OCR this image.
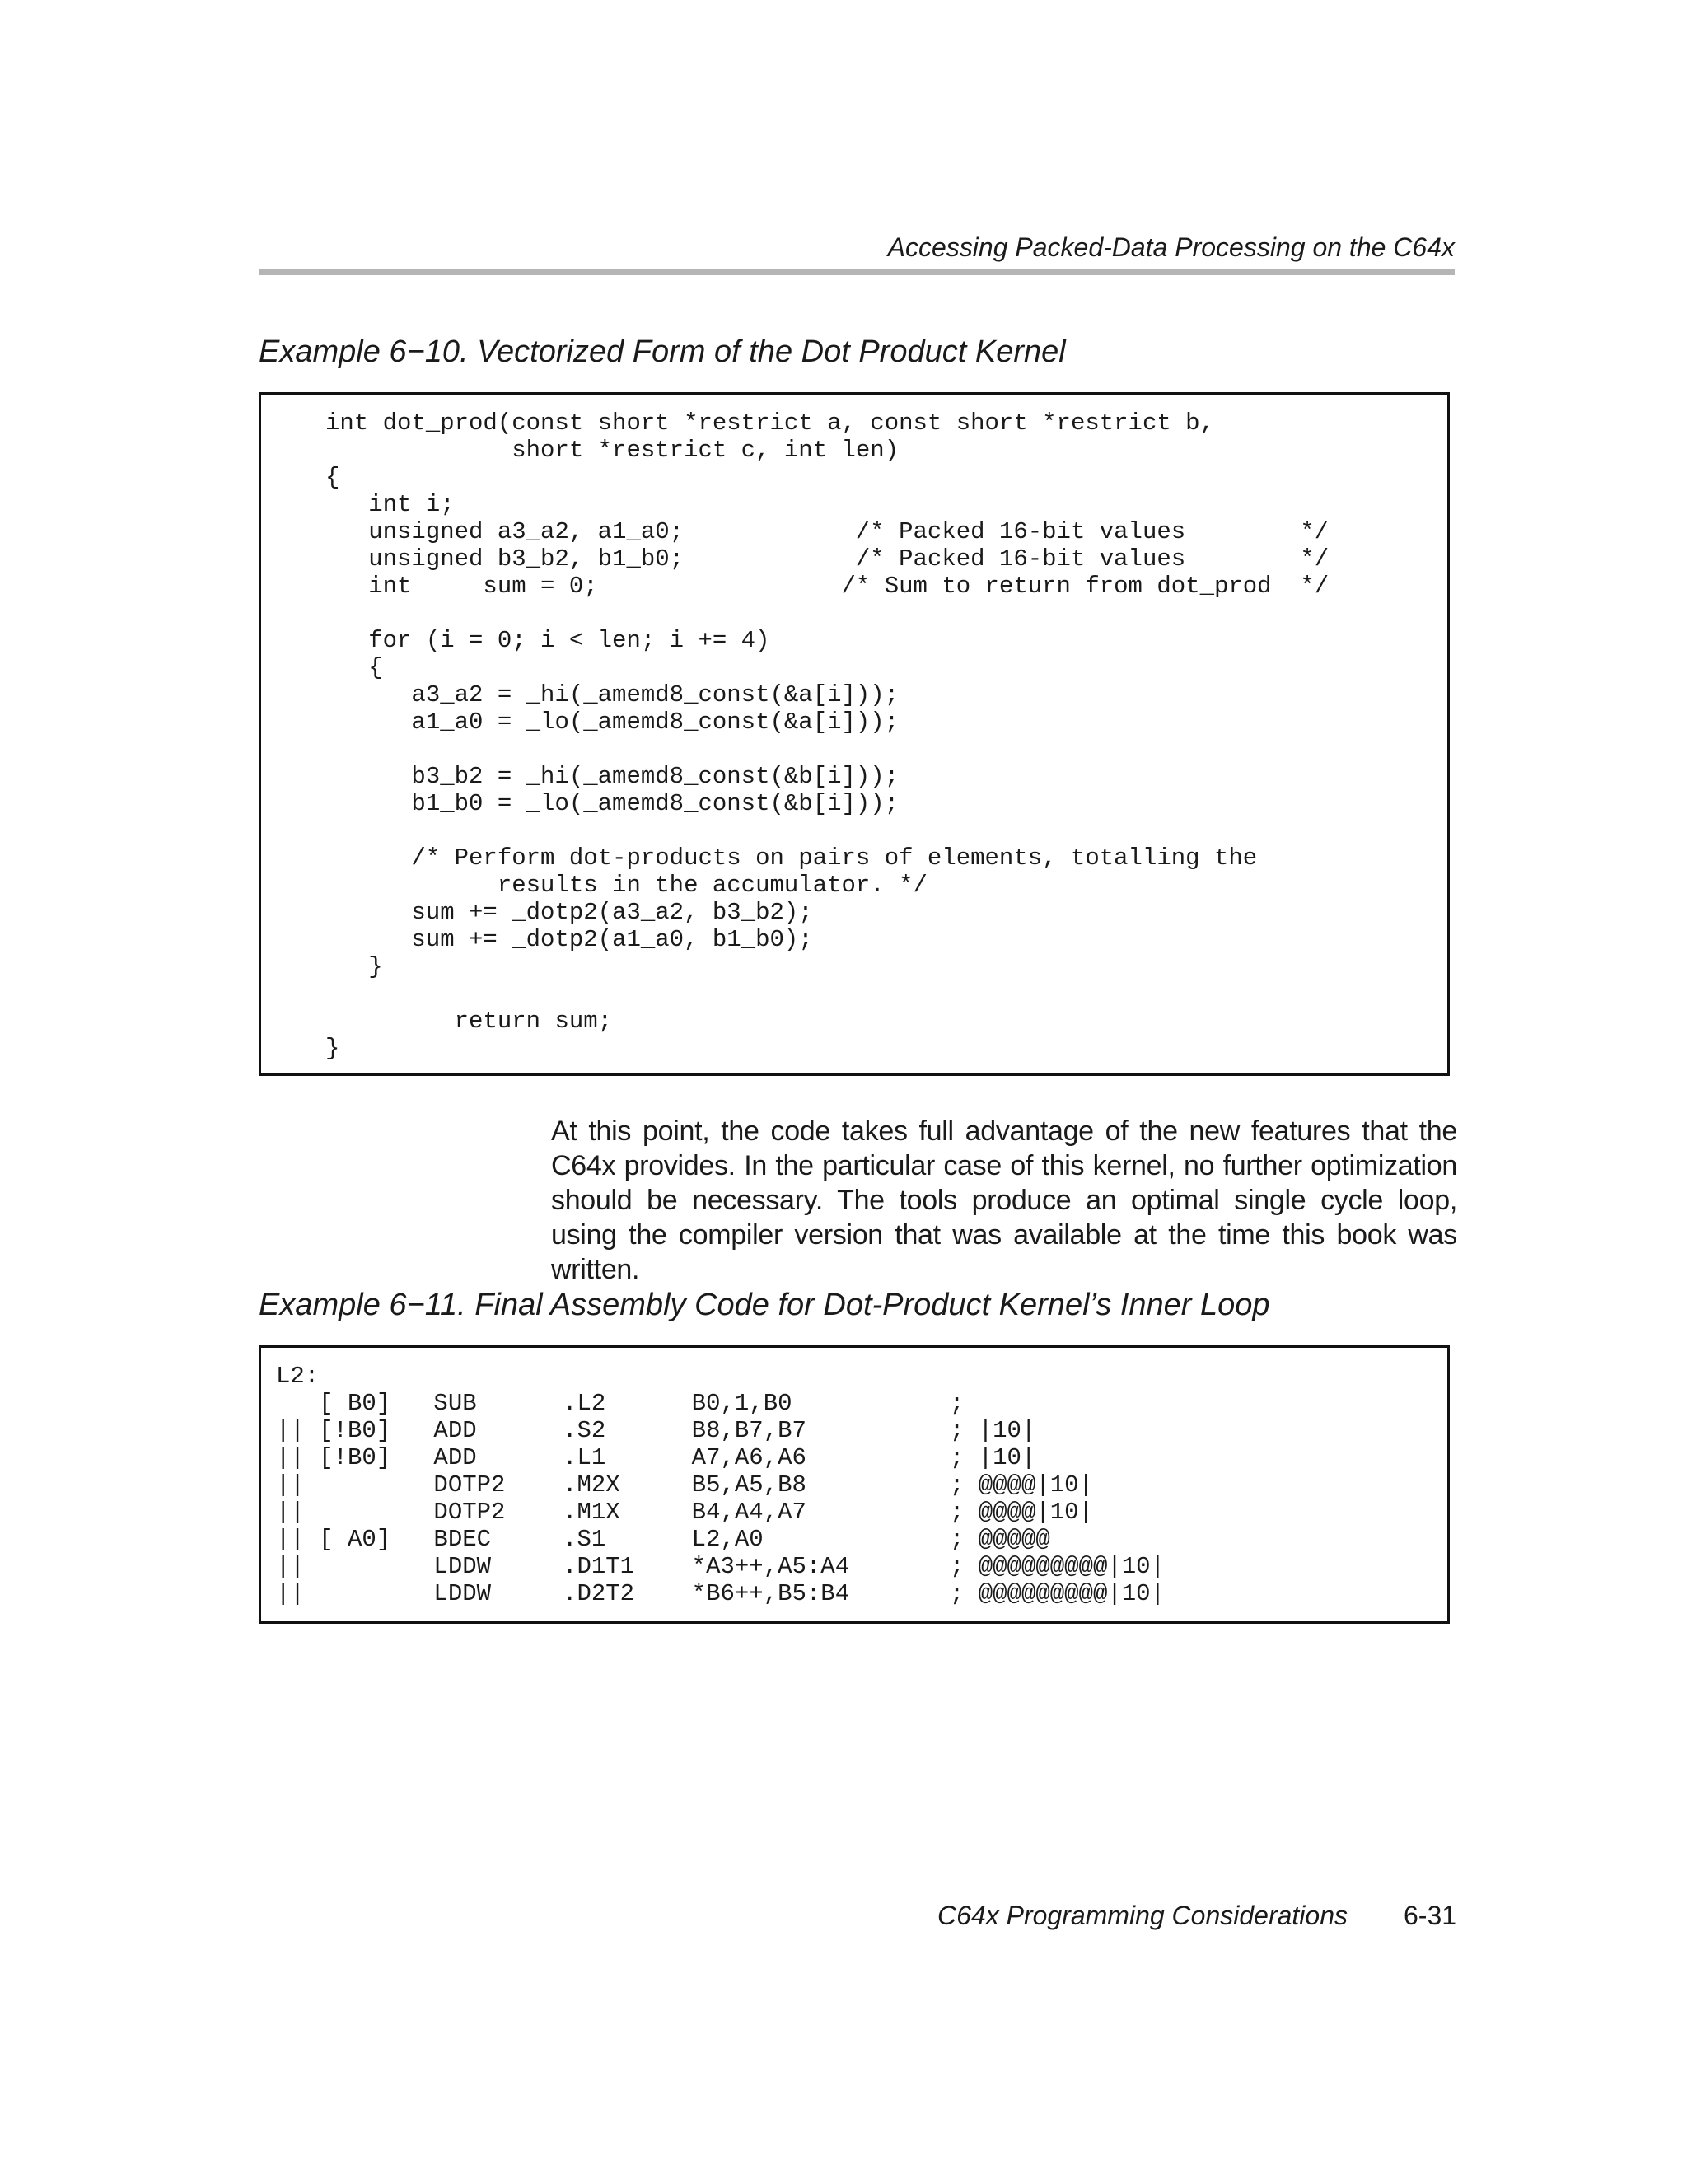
Accessing Packed-Data Processing on the C64x
Example 6−10. Vectorized Form of the Dot Product Kernel
int dot_prod(const short *restrict a, const short *restrict b,
short *restrict c, int len)
{
int i;
unsigned a3_a2, a1_a0;            /* Packed 16-bit values        */
unsigned b3_b2, b1_b0;            /* Packed 16-bit values        */
int     sum = 0;                 /* Sum to return from dot_prod  */

for (i = 0; i < len; i += 4)
{
a3_a2 = _hi(_amemd8_const(&a[i]));
a1_a0 = _lo(_amemd8_const(&a[i]));

b3_b2 = _hi(_amemd8_const(&b[i]));
b1_b0 = _lo(_amemd8_const(&b[i]));

/* Perform dot-products on pairs of elements, totalling the
results in the accumulator. */
sum += _dotp2(a3_a2, b3_b2);
sum += _dotp2(a1_a0, b1_b0);
}

return sum;
}
At this point, the code takes full advantage of the new features that the C64x provides. In the particular case of this kernel, no further optimization should be necessary. The tools produce an optimal single cycle loop, using the compiler version that was available at the time this book was written.
Example 6−11. Final Assembly Code for Dot-Product Kernel’s Inner Loop
L2:
[ B0]   SUB      .L2      B0,1,B0           ;
|| [!B0]   ADD      .S2      B8,B7,B7          ; |10|
|| [!B0]   ADD      .L1      A7,A6,A6          ; |10|
||         DOTP2    .M2X     B5,A5,B8          ; @@@@|10|
||         DOTP2    .M1X     B4,A4,A7          ; @@@@|10|
|| [ A0]   BDEC     .S1      L2,A0             ; @@@@@
||         LDDW     .D1T1    *A3++,A5:A4       ; @@@@@@@@@|10|
||         LDDW     .D2T2    *B6++,B5:B4       ; @@@@@@@@@|10|
C64x Programming Considerations 6-31
